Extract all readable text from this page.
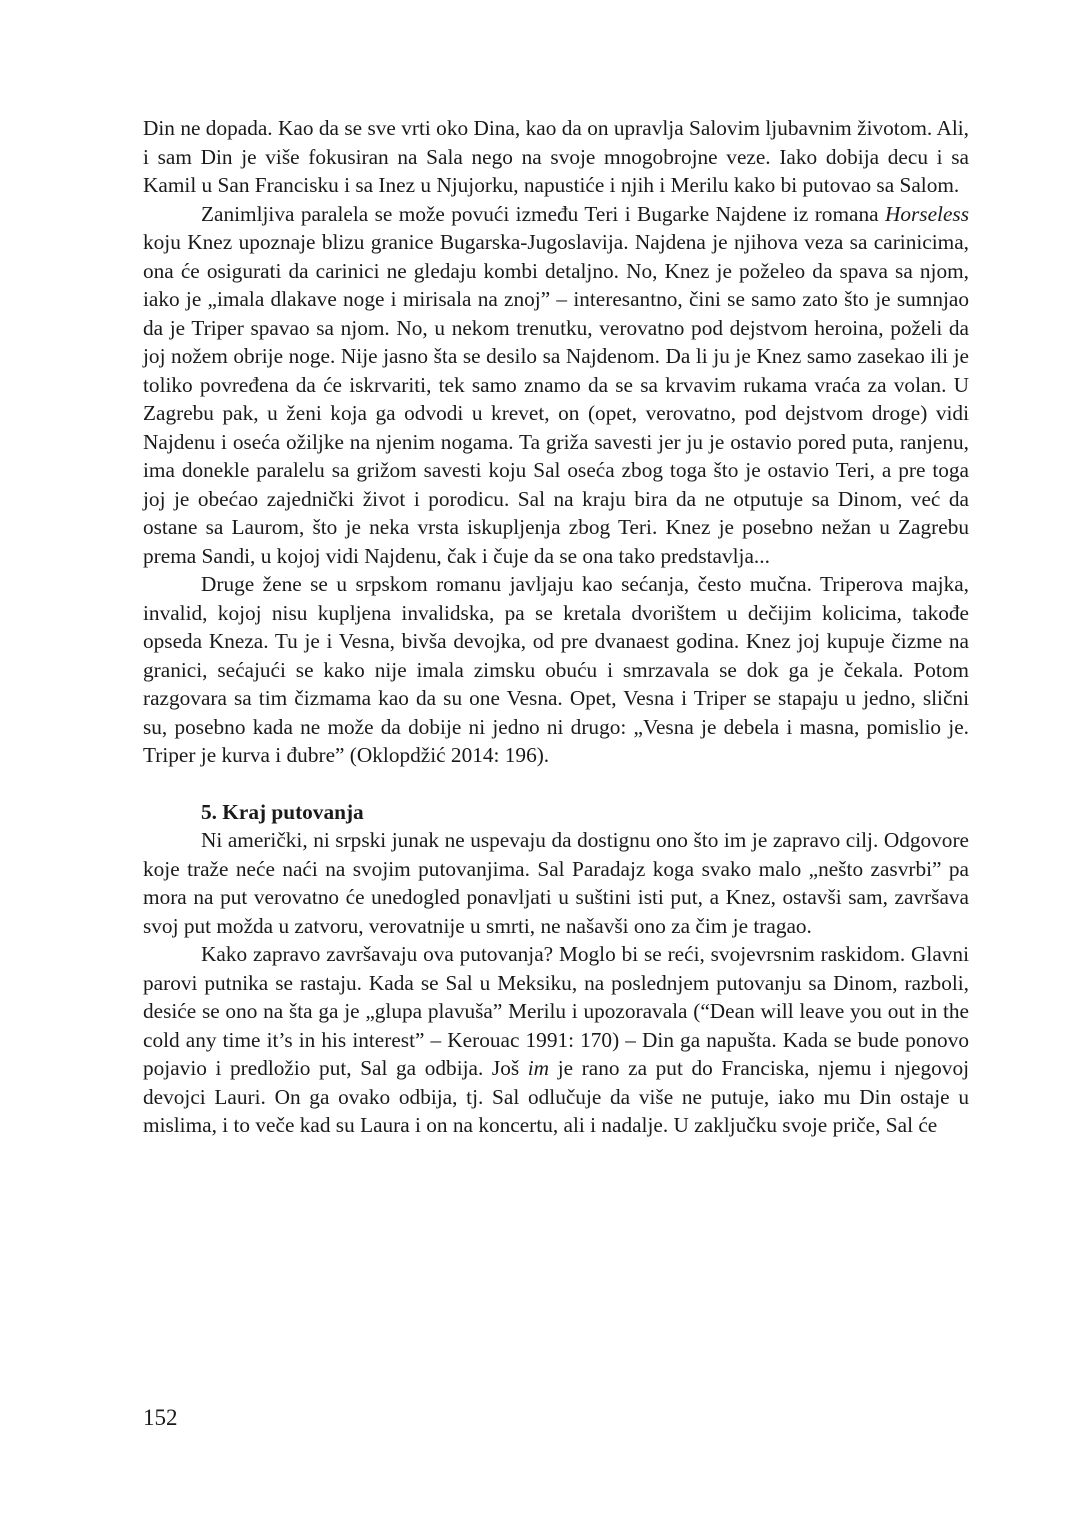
Din ne dopada. Kao da se sve vrti oko Dina, kao da on upravlja Salovim ljubavnim životom. Ali, i sam Din je više fokusiran na Sala nego na svoje mnogobrojne veze. Iako dobija decu i sa Kamil u San Francisku i sa Inez u Njujorku, napustiće i njih i Merilu kako bi putovao sa Salom.

Zanimljiva paralela se može povući između Teri i Bugarke Najdene iz romana Horseless koju Knez upoznaje blizu granice Bugarska-Jugoslavija. Najdena je njihova veza sa carinicima, ona će osigurati da carinici ne gledaju kombi detaljno. No, Knez je poželeo da spava sa njom, iako je „imala dlakave noge i mirisala na znoj” – interesantno, čini se samo zato što je sumnjao da je Triper spavao sa njom. No, u nekom trenutku, verovatno pod dejstvom heroina, poželi da joj nožem obrije noge. Nije jasno šta se desilo sa Najdenom. Da li ju je Knez samo zasekao ili je toliko povređena da će iskrvariti, tek samo znamo da se sa krvavim rukama vraća za volan. U Zagrebu pak, u ženi koja ga odvodi u krevet, on (opet, verovatno, pod dejstvom droge) vidi Najdenu i oseća ožiljke na njenim nogama. Ta griža savesti jer ju je ostavio pored puta, ranjenu, ima donekle paralelu sa grižom savesti koju Sal oseća zbog toga što je ostavio Teri, a pre toga joj je obećao zajednički život i porodicu. Sal na kraju bira da ne otputuje sa Dinom, već da ostane sa Laurom, što je neka vrsta iskupljenja zbog Teri. Knez je posebno nežan u Zagrebu prema Sandi, u kojoj vidi Najdenu, čak i čuje da se ona tako predstavlja...

Druge žene se u srpskom romanu javljaju kao sećanja, često mučna. Triperova majka, invalid, kojoj nisu kupljena invalidska, pa se kretala dvorištem u dečijim kolicima, takođe opseda Kneza. Tu je i Vesna, bivša devojka, od pre dvanaest godina. Knez joj kupuje čizme na granici, sećajući se kako nije imala zimsku obuću i smrzavala se dok ga je čekala. Potom razgovara sa tim čizmama kao da su one Vesna. Opet, Vesna i Triper se stapaju u jedno, slični su, posebno kada ne može da dobije ni jedno ni drugo: „Vesna je debela i masna, pomislio je. Triper je kurva i đubre” (Oklopdžić 2014: 196).

5. Kraj putovanja

Ni američki, ni srpski junak ne uspevaju da dostignu ono što im je zapravo cilj. Odgovore koje traže neće naći na svojim putovanjima. Sal Paradajz koga svako malo „nešto zasvrbi” pa mora na put verovatno će unedogled ponavljati u suštini isti put, a Knez, ostavši sam, završava svoj put možda u zatvoru, verovatnije u smrti, ne našavši ono za čim je tragao.

Kako zapravo završavaju ova putovanja? Moglo bi se reći, svojevrsnim raskidom. Glavni parovi putnika se rastaju. Kada se Sal u Meksiku, na poslednjem putovanju sa Dinom, razboli, desiće se ono na šta ga je „glupa plavuša” Merilu i upozoravala (“Dean will leave you out in the cold any time it’s in his interest” – Kerouac 1991: 170) – Din ga napušta. Kada se bude ponovo pojavio i predložio put, Sal ga odbija. Još im je rano za put do Franciska, njemu i njegovoj devojci Lauri. On ga ovako odbija, tj. Sal odlučuje da više ne putuje, iako mu Din ostaje u mislima, i to veče kad su Laura i on na koncertu, ali i nadalje. U zaključku svoje priče, Sal će

152
